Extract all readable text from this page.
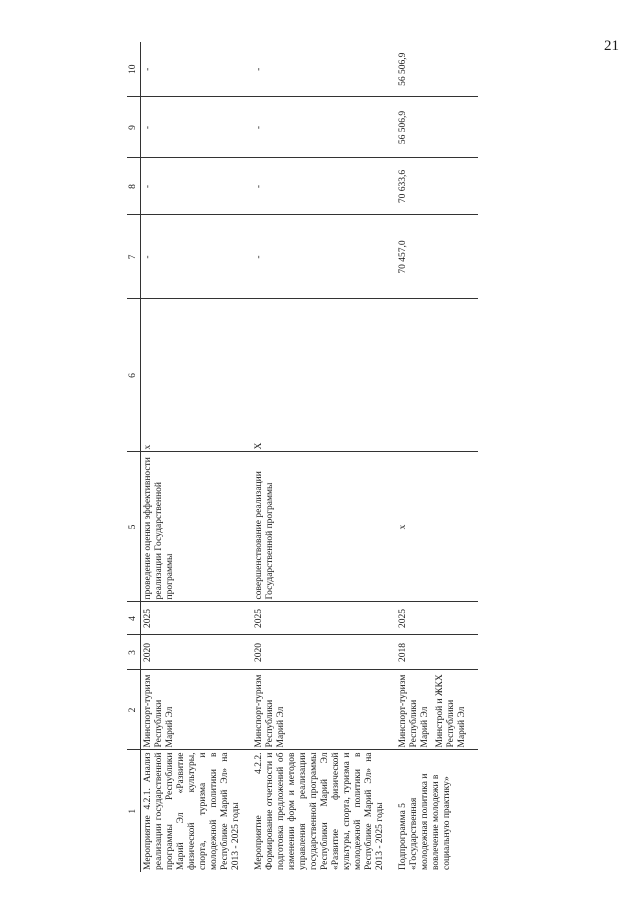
21
1	2	3	4	5	6	7	8	9	10
Мероприятие 4.2.1. Анализ реализации государственной программы Республики Марий Эл «Развитие физической культуры, спорта, туризма и молодежной политики в Республике Марий Эл» на 2013 - 2025 годы	Минспорт-туризм Республики Марий Эл	2020	2025	проведение оценки эффективности реализации Государственной программы	х	-	-	-	-
Мероприятие 4.2.2. Формирование отчетности и подготовка предложений об изменении форм и методов управления реализации государственной программы Республики Марий Эл «Развитие физической культуры, спорта, туризма и молодежной политики в Республике Марий Эл» на 2013 - 2025 годы	Минспорт-туризм Республики Марий Эл	2020	2025	совершенствование реализации Государственной программы	Х	-	-	-	-
Подпрограмма 5 «Государственная молодежная политика и вовлечение молодежи в социальную практику»	Минспорт-туризм Республики Марий Эл Минстрой и ЖКХ Республики Марий Эл	2018	2025	х		70 457,0	70 633,6	56 506,9	56 506,9
